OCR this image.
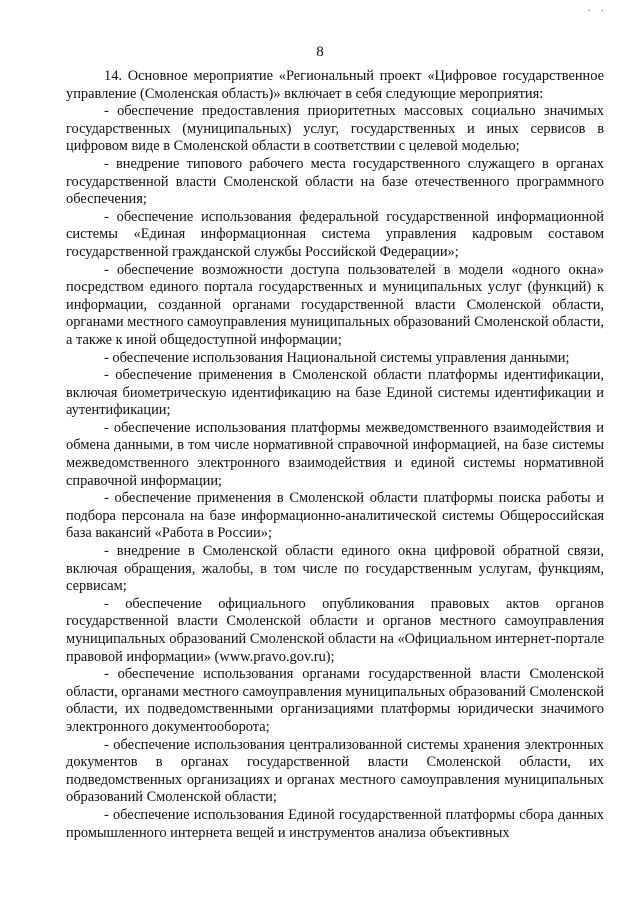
··
8

14. Основное мероприятие «Региональный проект «Цифровое государственное управление (Смоленская область)» включает в себя следующие мероприятия:

- обеспечение предоставления приоритетных массовых социально значимых государственных (муниципальных) услуг, государственных и иных сервисов в цифровом виде в Смоленской области в соответствии с целевой моделью;

- внедрение типового рабочего места государственного служащего в органах государственной власти Смоленской области на базе отечественного программного обеспечения;

- обеспечение использования федеральной государственной информационной системы «Единая информационная система управления кадровым составом государственной гражданской службы Российской Федерации»;

- обеспечение возможности доступа пользователей в модели «одного окна» посредством единого портала государственных и муниципальных услуг (функций) к информации, созданной органами государственной власти Смоленской области, органами местного самоуправления муниципальных образований Смоленской области, а также к иной общедоступной информации;

- обеспечение использования Национальной системы управления данными;

- обеспечение применения в Смоленской области платформы идентификации, включая биометрическую идентификацию на базе Единой системы идентификации и аутентификации;

- обеспечение использования платформы межведомственного взаимодействия и обмена данными, в том числе нормативной справочной информацией, на базе системы межведомственного электронного взаимодействия и единой системы нормативной справочной информации;

- обеспечение применения в Смоленской области платформы поиска работы и подбора персонала на базе информационно-аналитической системы Общероссийская база вакансий «Работа в России»;

- внедрение в Смоленской области единого окна цифровой обратной связи, включая обращения, жалобы, в том числе по государственным услугам, функциям, сервисам;

- обеспечение официального опубликования правовых актов органов государственной власти Смоленской области и органов местного самоуправления муниципальных образований Смоленской области на «Официальном интернет-портале правовой информации» (www.pravo.gov.ru);

- обеспечение использования органами государственной власти Смоленской области, органами местного самоуправления муниципальных образований Смоленской области, их подведомственными организациями платформы юридически значимого электронного документооборота;

- обеспечение использования централизованной системы хранения электронных документов в органах государственной власти Смоленской области, их подведомственных организациях и органах местного самоуправления муниципальных образований Смоленской области;

- обеспечение использования Единой государственной платформы сбора данных промышленного интернета вещей и инструментов анализа объективных
